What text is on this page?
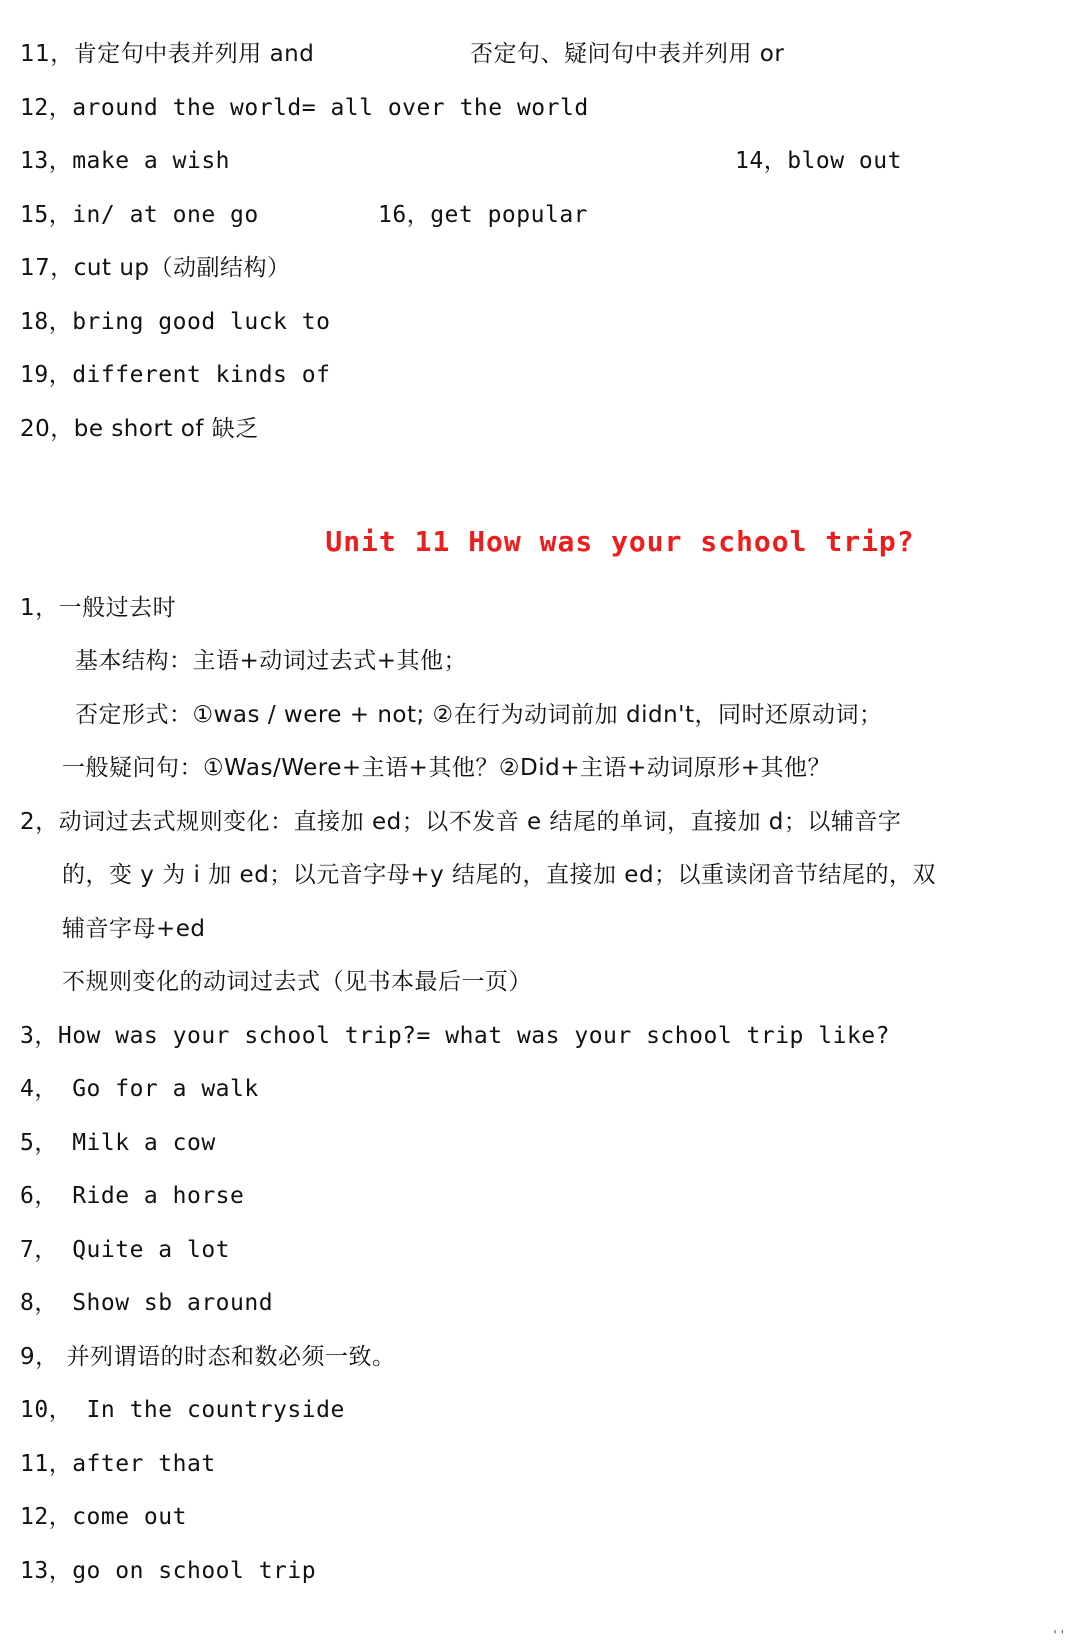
11，肯定句中表并列用 and	否定句、疑问句中表并列用 or
12，around the world= all over the world
13，make a wish	14，blow out
15，in/ at one go	16，get popular
17，cut up（动副结构）
18，bring good luck to
19，different kinds of
20，be short of 缺乏
Unit 11 How was your school trip?
1，一般过去时
基本结构：主语+动词过去式+其他；
否定形式：①was / were + not; ②在行为动词前加 didn't，同时还原动词；
一般疑问句：①Was/Were+主语+其他？②Did+主语+动词原形+其他？
2，动词过去式规则变化：直接加 ed；以不发音 e 结尾的单词，直接加 d；以辅音字
的，变 y 为 i 加 ed；以元音字母+y 结尾的，直接加 ed；以重读闭音节结尾的，双
辅音字母+ed
不规则变化的动词过去式（见书本最后一页）
3，How was your school trip?= what was your school trip like?
4， Go for a walk
5， Milk a cow
6， Ride a horse
7， Quite a lot
8， Show sb around
9， 并列谓语的时态和数必须一致。
10， In the countryside
11，after that
12，come out
13，go on school trip
''
